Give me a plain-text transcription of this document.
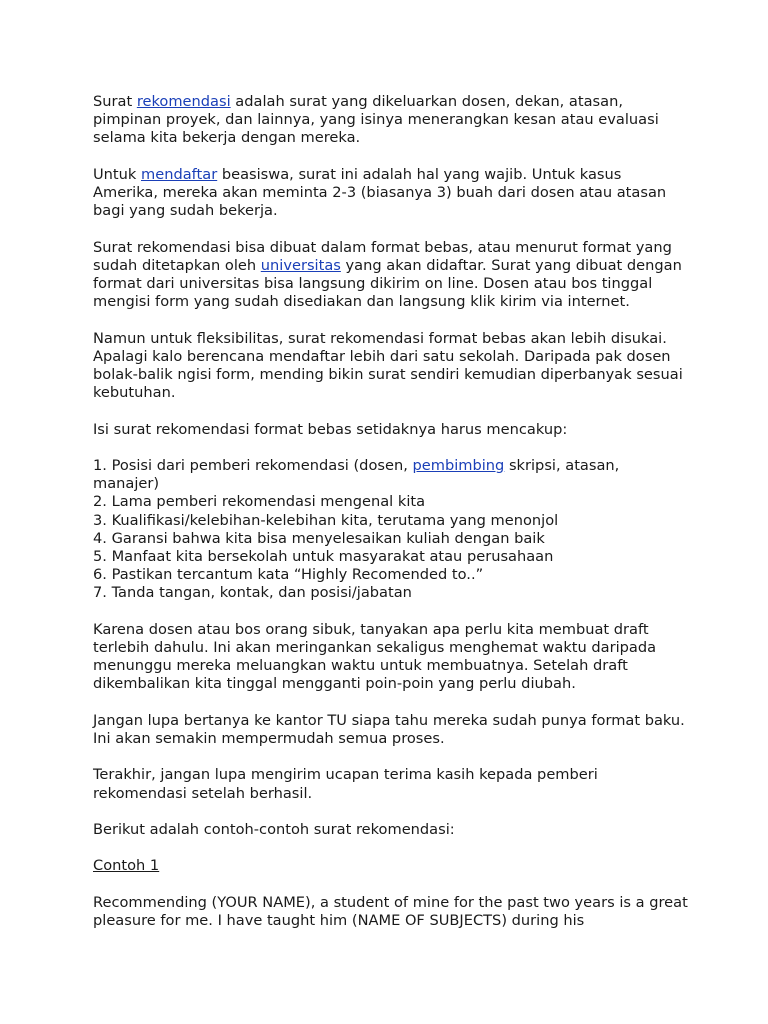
Surat rekomendasi adalah surat yang dikeluarkan dosen, dekan, atasan, pimpinan proyek, dan lainnya, yang isinya menerangkan kesan atau evaluasi selama kita bekerja dengan mereka.

Untuk mendaftar beasiswa, surat ini adalah hal yang wajib. Untuk kasus Amerika, mereka akan meminta 2-3 (biasanya 3) buah dari dosen atau atasan bagi yang sudah bekerja.

Surat rekomendasi bisa dibuat dalam format bebas, atau menurut format yang sudah ditetapkan oleh universitas yang akan didaftar. Surat yang dibuat dengan format dari universitas bisa langsung dikirim on line. Dosen atau bos tinggal mengisi form yang sudah disediakan dan langsung klik kirim via internet.

Namun untuk fleksibilitas, surat rekomendasi format bebas akan lebih disukai. Apalagi kalo berencana mendaftar lebih dari satu sekolah. Daripada pak dosen bolak-balik ngisi form, mending bikin surat sendiri kemudian diperbanyak sesuai kebutuhan.

Isi surat rekomendasi format bebas setidaknya harus mencakup:

1. Posisi dari pemberi rekomendasi (dosen, pembimbing skripsi, atasan, manajer)
2. Lama pemberi rekomendasi mengenal kita
3. Kualifikasi/kelebihan-kelebihan kita, terutama yang menonjol
4. Garansi bahwa kita bisa menyelesaikan kuliah dengan baik
5. Manfaat kita bersekolah untuk masyarakat atau perusahaan
6. Pastikan tercantum kata “Highly Recomended to..”
7. Tanda tangan, kontak, dan posisi/jabatan

Karena dosen atau bos orang sibuk, tanyakan apa perlu kita membuat draft terlebih dahulu. Ini akan meringankan sekaligus menghemat waktu daripada menunggu mereka meluangkan waktu untuk membuatnya. Setelah draft dikembalikan kita tinggal mengganti poin-poin yang perlu diubah.

Jangan lupa bertanya ke kantor TU siapa tahu mereka sudah punya format baku. Ini akan semakin mempermudah semua proses.

Terakhir, jangan lupa mengirim ucapan terima kasih kepada pemberi rekomendasi setelah berhasil.

Berikut adalah contoh-contoh surat rekomendasi:

Contoh 1

Recommending (YOUR NAME), a student of mine for the past two years is a great pleasure for me. I have taught him (NAME OF SUBJECTS) during his
